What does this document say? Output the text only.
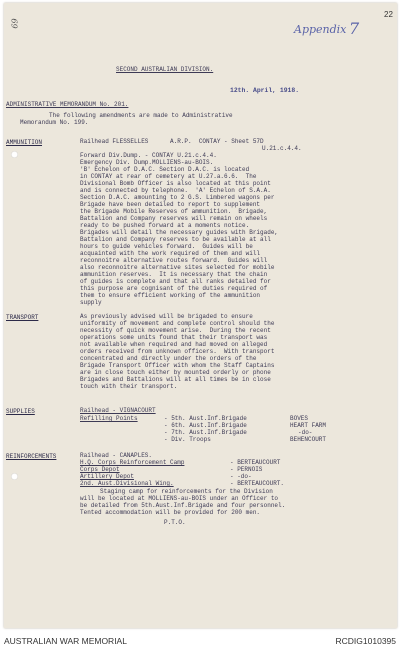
22
Appendix 7
69
SECOND AUSTRALIAN DIVISION.
12th. April, 1918.
ADMINISTRATIVE MEMORANDUM No. 201.
The following amendments are made to Administrative
Memorandum No. 199.
AMMUNITION	Railhead FLESSELLES      A.R.P.  CONTAY - Sheet 57D
U.21.c.4.4.
Forward Div.Dump. - CONTAY U.21.c.4.4.
Emergency Div. Dump.MOLLIENS-au-BOIS.
'B' Echelon of D.A.C. Section D.A.C. is located
in CONTAY at rear of cemetery at U.27.a.6.6.  The
Divisional Bomb Officer is also located at this point
and is connected by telephone.  'A' Echelon of S.A.A.
Section D.A.C. amounting to 2 G.S. Limbered wagons per
Brigade have been detailed to report to supplement
the Brigade Mobile Reserves of ammunition.  Brigade,
Battalion and Company reserves will remain on wheels
ready to be pushed forward at a moments notice.
Brigades will detail the necessary guides with Brigade,
Battalion and Company reserves to be available at all
hours to guide vehicles forward.  Guides will be
acquainted with the work required of them and will
reconnoitre alternative routes forward.  Guides will
also reconnoitre alternative sites selected for mobile
ammunition reserves.  It is necessary that the chain
of guides is complete and that all ranks detailed for
this purpose are cognisant of the duties required of
them to ensure efficient working of the ammunition
supply
TRANSPORT	As previously advised will be brigaded to ensure
uniformity of movement and complete control should the
necessity of quick movement arise.  During the recent
operations some units found that their transport was
not available when required and had moved on alleged
orders received from unknown officers.  With transport
concentrated and directly under the orders of the
Brigade Transport Officer with whom the Staff Captains
are in close touch either by mounted orderly or phone
Brigades and Battalions will at all times be in close
touch with their transport.
SUPPLIES	Railhead - VIGNACOURT
Refilling Points	- 5th. Aust.Inf.Brigade	BOVES
- 6th. Aust.Inf.Brigade	HEART FARM
- 7th. Aust.Inf.Brigade	-do-
- Div. Troops	BEHENCOURT
REINFORCEMENTS	Railhead - CANAPLES.
H.Q. Corps Reinforcement Camp	- BERTEAUCOURT
Corps Depot	- PERNOIS
Artillery Depot	- -do-
2nd. Aust.Divisional Wing.	- BERTEAUCOURT.
Staging camp for reinforcements for the Division
will be located at MOLLIENS-au-BOIS under an Officer to
be detailed from 5th.Aust.Inf.Brigade and four personnel.
Tented accommodation will be provided for 200 men.
P.T.O.
AUSTRALIAN WAR MEMORIAL	RCDIG1010395
